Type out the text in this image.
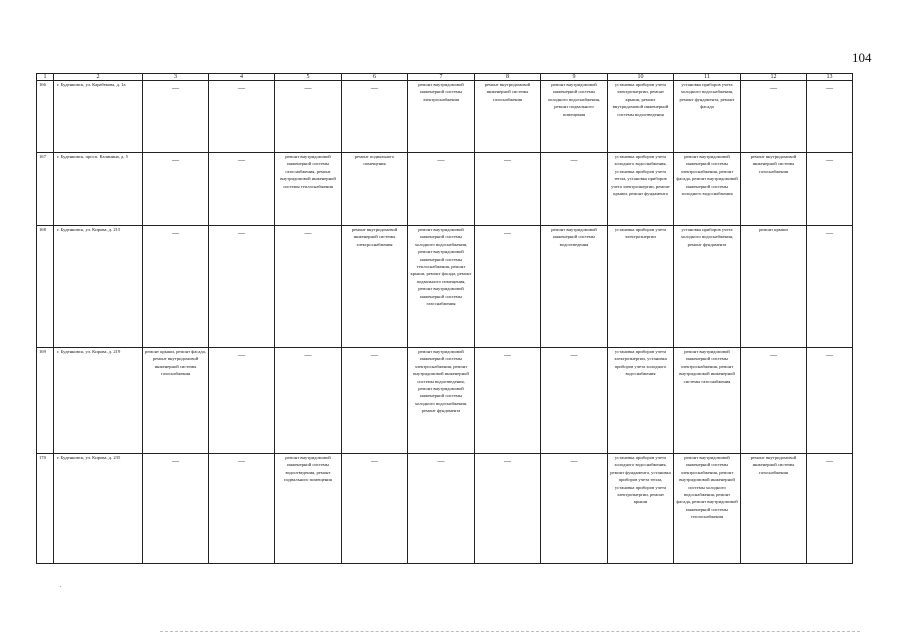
104
1	2	3	4	5	6	7	8	9	10	11	12	13
166	г. Буденновск, ул. Карабекова, д. 1а	—	—	—	—	ремонт внутридомовой инженерной системы электроснабжения	ремонт внутридомовой инженерной системы газоснабжения	ремонт внутридомовой инженерной системы холодного водоснабжения, ремонт подвального помещения	установка приборов учета электроэнергии, ремонт крыши, ремонт внутридомовой инженерной системы водоотведения	установка приборов учета холодного водоснабжения, ремонт фундамента, ремонт фасада	—	—

167	г. Буденновск, просп. Калинина, д. 5	—	—	ремонт внутридомовой инженерной системы газоснабжения, ремонт внутридомовой инженерной системы теплоснабжения	ремонт подвального помещения	—	—	—	установка приборов учета холодного водоснабжения, установка приборов учета тепла, установка приборов учета электроэнергии, ремонт крыши, ремонт фундамента	ремонт внутридомовой инженерной системы электроснабжения, ремонт фасада, ремонт внутридомовой инженерной системы холодного водоснабжения	ремонт внутридомовой инженерной системы газоснабжения	—

168	г. Буденновск, ул. Кирова, д. 215	—	—	—	ремонт внутридомовой инженерной системы электроснабжения	ремонт внутридомовой инженерной системы холодного водоснабжения, ремонт внутридомовой инженерной системы теплоснабжения, ремонт крыши, ремонт фасада, ремонт подвального помещения, ремонт внутридомовой инженерной системы газоснабжения	—	ремонт внутридомовой инженерной системы водоотведения	установка приборов учета электроэнергии	установка приборов учета холодного водоснабжения, ремонт фундамента	ремонт крыши	—

169	г. Буденновск, ул. Кирова, д. 219	ремонт крыши, ремонт фасада, ремонт внутридомовой инженерной системы газоснабжения	—	—	—	ремонт внутридомовой инженерной системы электроснабжения, ремонт внутридомовой инженерной системы водоотведения, ремонт внутридомовой инженерной системы холодного водоснабжения, ремонт фундамента	—	—	установка приборов учета электроэнергии, установка приборов учета холодного водоснабжения	ремонт внутридомовой инженерной системы электроснабжения, ремонт внутридомовой инженерной системы газоснабжения	—	—

170	г. Буденновск, ул. Кирова, д. 235	—	—	ремонт внутридомовой инженерной системы водоотведения, ремонт подвального помещения	—	—	—	—	установка приборов учета холодного водоснабжения, ремонт фундамента, установка приборов учета тепла, установка приборов учета электроэнергии, ремонт крыши	ремонт внутридомовой инженерной системы электроснабжения, ремонт внутридомовой инженерной системы холодного водоснабжения, ремонт фасада, ремонт внутридомовой инженерной системы теплоснабжения	ремонт внутридомовой инженерной системы газоснабжения	—
.
